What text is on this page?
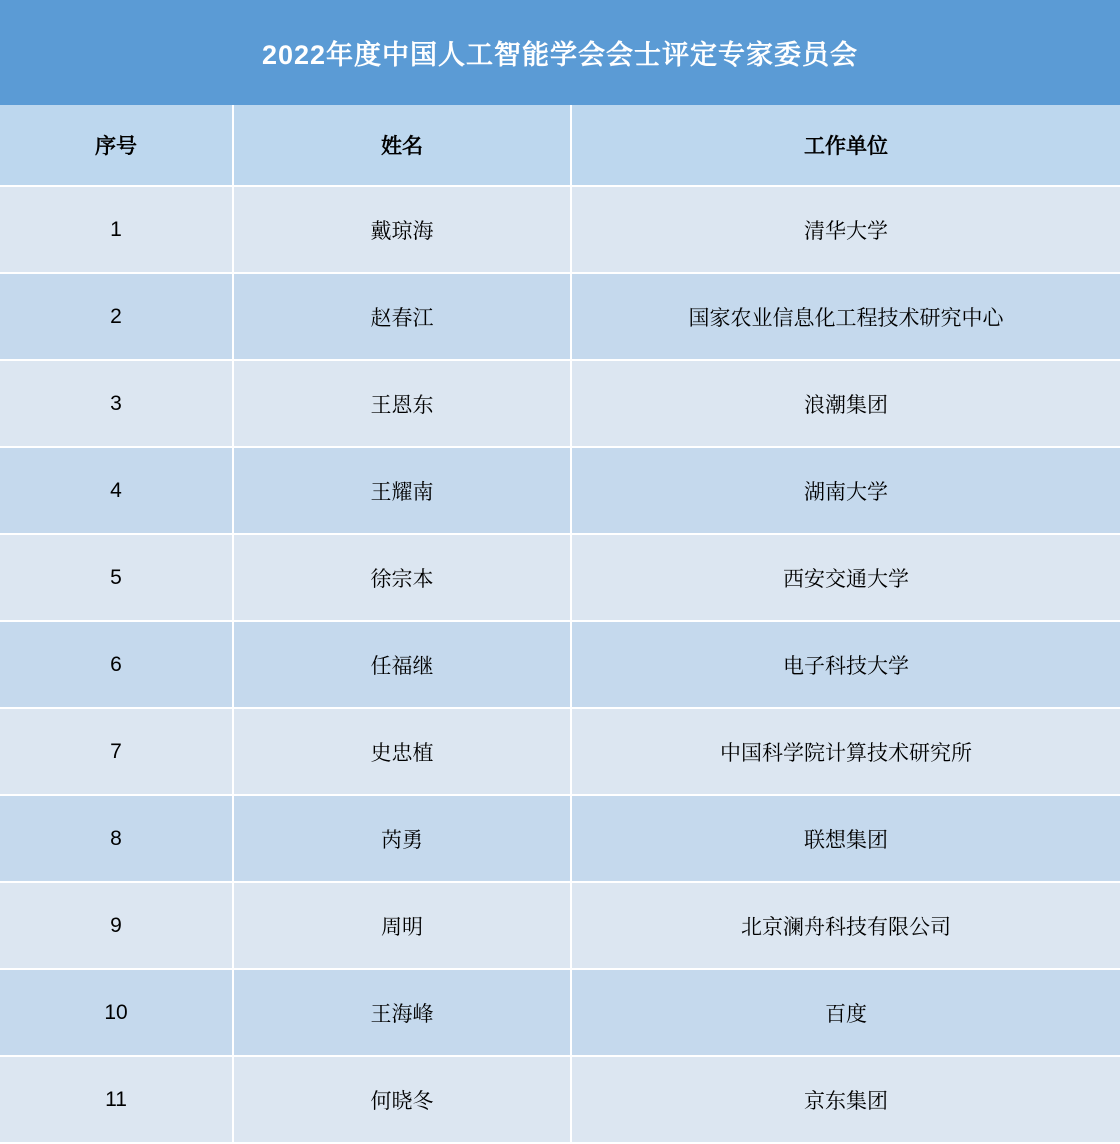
2022年度中国人工智能学会会士评定专家委员会		
序号	姓名	工作单位
1	戴琼海	清华大学
2	赵春江	国家农业信息化工程技术研究中心
3	王恩东	浪潮集团
4	王耀南	湖南大学
5	徐宗本	西安交通大学
6	任福继	电子科技大学
7	史忠植	中国科学院计算技术研究所
8	芮勇	联想集团
9	周明	北京澜舟科技有限公司
10	王海峰	百度
11	何晓冬	京东集团
